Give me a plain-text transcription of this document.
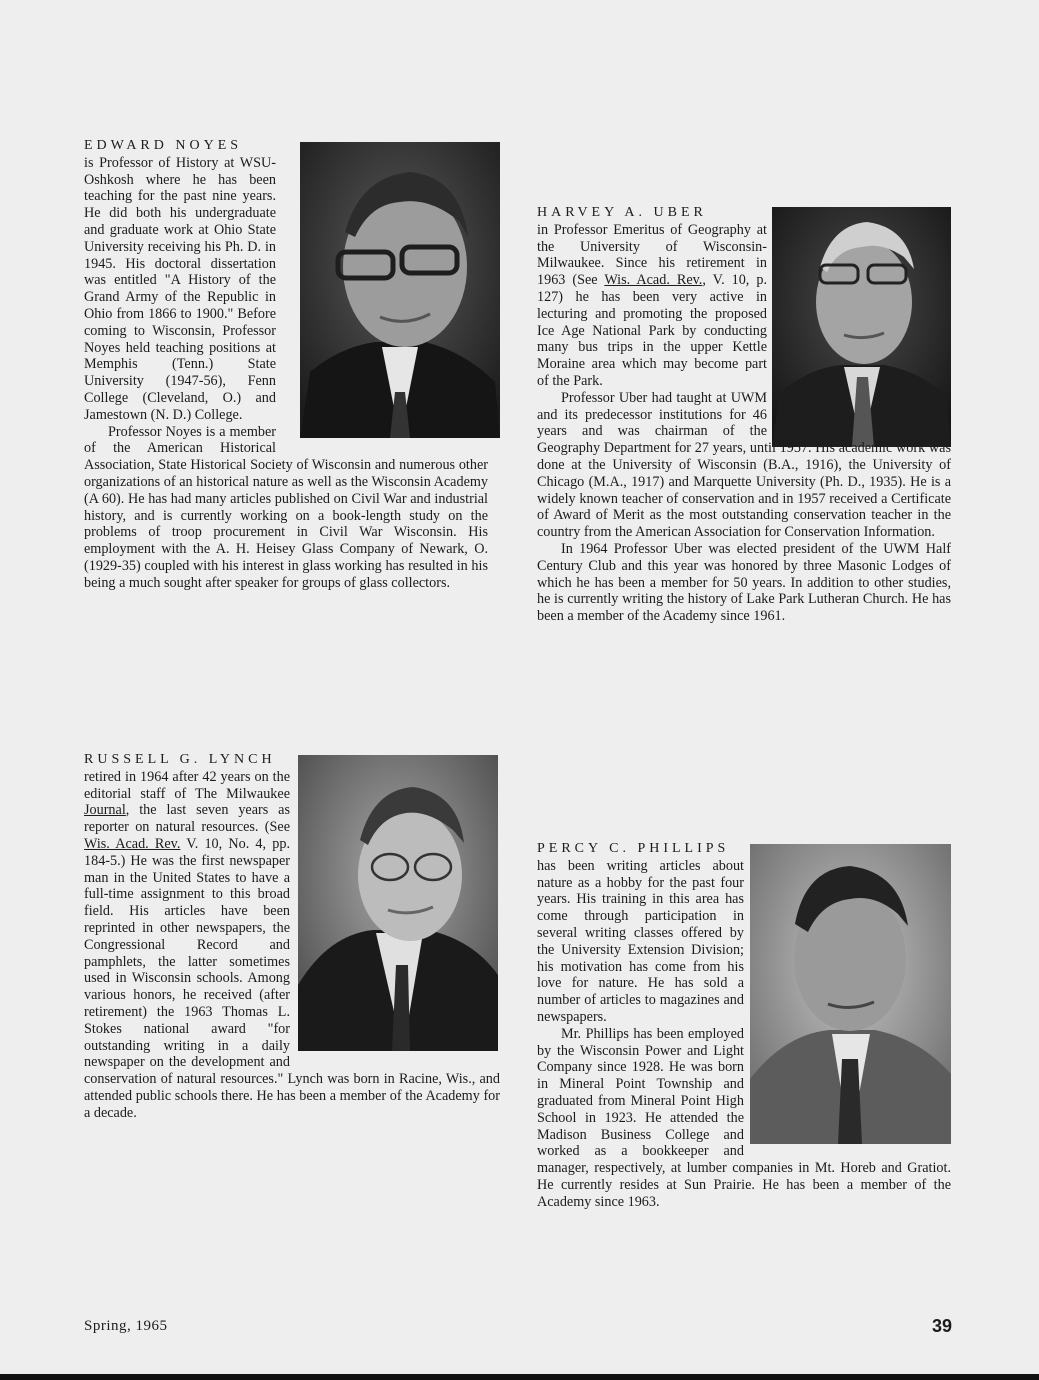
EDWARD NOYES

is Professor of History at WSU-Oshkosh where he has been teaching for the past nine years. He did both his undergraduate and graduate work at Ohio State University receiving his Ph. D. in 1945. His doctoral dissertation was entitled "A History of the Grand Army of the Republic in Ohio from 1866 to 1900." Before coming to Wisconsin, Professor Noyes held teaching positions at Memphis (Tenn.) State University (1947-56), Fenn College (Cleveland, O.) and Jamestown (N. D.) College.

Professor Noyes is a member of the American Historical Association, State Historical Society of Wisconsin and numerous other organizations of an historical nature as well as the Wisconsin Academy (A 60). He has had many articles published on Civil War and industrial history, and is currently working on a book-length study on the problems of troop procurement in Civil War Wisconsin. His employment with the A. H. Heisey Glass Company of Newark, O. (1929-35) coupled with his interest in glass working has resulted in his being a much sought after speaker for groups of glass collectors.

HARVEY A. UBER

in Professor Emeritus of Geography at the University of Wisconsin-Milwaukee. Since his retirement in 1963 (See Wis. Acad. Rev., V. 10, p. 127) he has been very active in lecturing and promoting the proposed Ice Age National Park by conducting many bus trips in the upper Kettle Moraine area which may become part of the Park.

Professor Uber had taught at UWM and its predecessor institutions for 46 years and was chairman of the Geography Department for 27 years, until 1957. His academic work was done at the University of Wisconsin (B.A., 1916), the University of Chicago (M.A., 1917) and Marquette University (Ph. D., 1935). He is a widely known teacher of conservation and in 1957 received a Certificate of Award of Merit as the most outstanding conservation teacher in the country from the American Association for Conservation Information.

In 1964 Professor Uber was elected president of the UWM Half Century Club and this year was honored by three Masonic Lodges of which he has been a member for 50 years. In addition to other studies, he is currently writing the history of Lake Park Lutheran Church. He has been a member of the Academy since 1961.

RUSSELL G. LYNCH

retired in 1964 after 42 years on the editorial staff of The Milwaukee Journal, the last seven years as reporter on natural resources. (See Wis. Acad. Rev. V. 10, No. 4, pp. 184-5.) He was the first newspaper man in the United States to have a full-time assignment to this broad field. His articles have been reprinted in other newspapers, the Congressional Record and pamphlets, the latter sometimes used in Wisconsin schools. Among various honors, he received (after retirement) the 1963 Thomas L. Stokes national award "for outstanding writing in a daily newspaper on the development and conservation of natural resources." Lynch was born in Racine, Wis., and attended public schools there. He has been a member of the Academy for a decade.

PERCY C. PHILLIPS

has been writing articles about nature as a hobby for the past four years. His training in this area has come through participation in several writing classes offered by the University Extension Division; his motivation has come from his love for nature. He has sold a number of articles to magazines and newspapers.

Mr. Phillips has been employed by the Wisconsin Power and Light Company since 1928. He was born in Mineral Point Township and graduated from Mineral Point High School in 1923. He attended the Madison Business College and worked as a bookkeeper and manager, respectively, at lumber companies in Mt. Horeb and Gratiot. He currently resides at Sun Prairie. He has been a member of the Academy since 1963.

Spring, 1965	39
